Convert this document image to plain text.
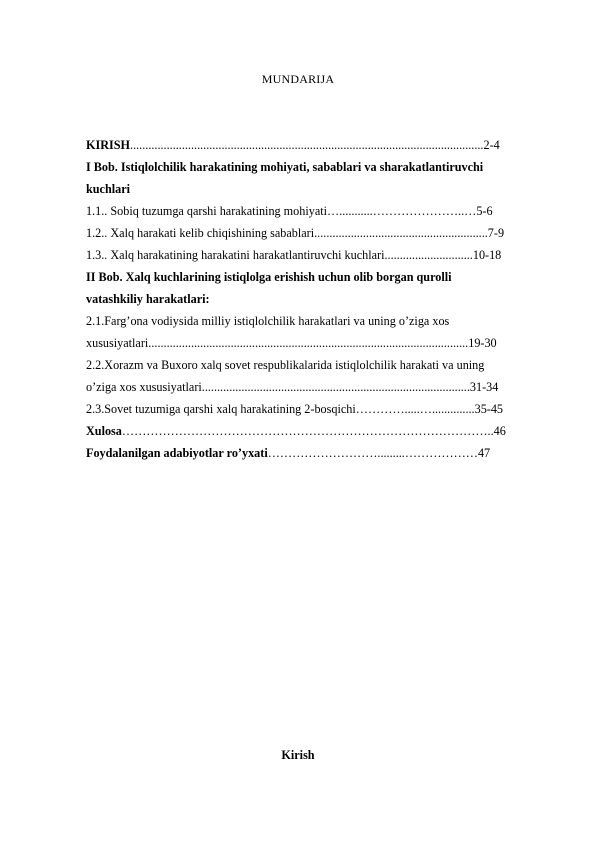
MUNDARIJA
KIRISH....................................................................................................................2-4
I Bob. Istiqlolchilik harakatining mohiyati, sabablari va sharakatlantiruvchi
kuchlari
1.1.. Sobiq tuzumga qarshi harakatining mohiyati…...........…………………..…5-6
1.2.. Xalq harakati kelib chiqishining sabablari.........................................................7-9
1.3.. Xalq harakatining harakatini harakatlantiruvchi kuchlari.............................10-18
II Bob. Xalq kuchlarining istiqlolga erishish uchun olib borgan qurolli
vatashkiliy harakatlari:
2.1.Farg’ona vodiysida milliy istiqlolchilik harakatlari va uning o’ziga xos
xususiyatlari.........................................................................................................19-30
2.2.Xorazm va Buxoro xalq sovet respublikalarida istiqlolchilik harakati va uning
o’ziga xos xususiyatlari........................................................................................31-34
2.3.Sovet tuzumiga qarshi xalq harakatining 2-bosqichi………….....…..............35-45
Xulosa………………………………………………………………………………..46
Foydalanilgan adabiyotlar ro’yxati……………………….........………………47
Kirish
